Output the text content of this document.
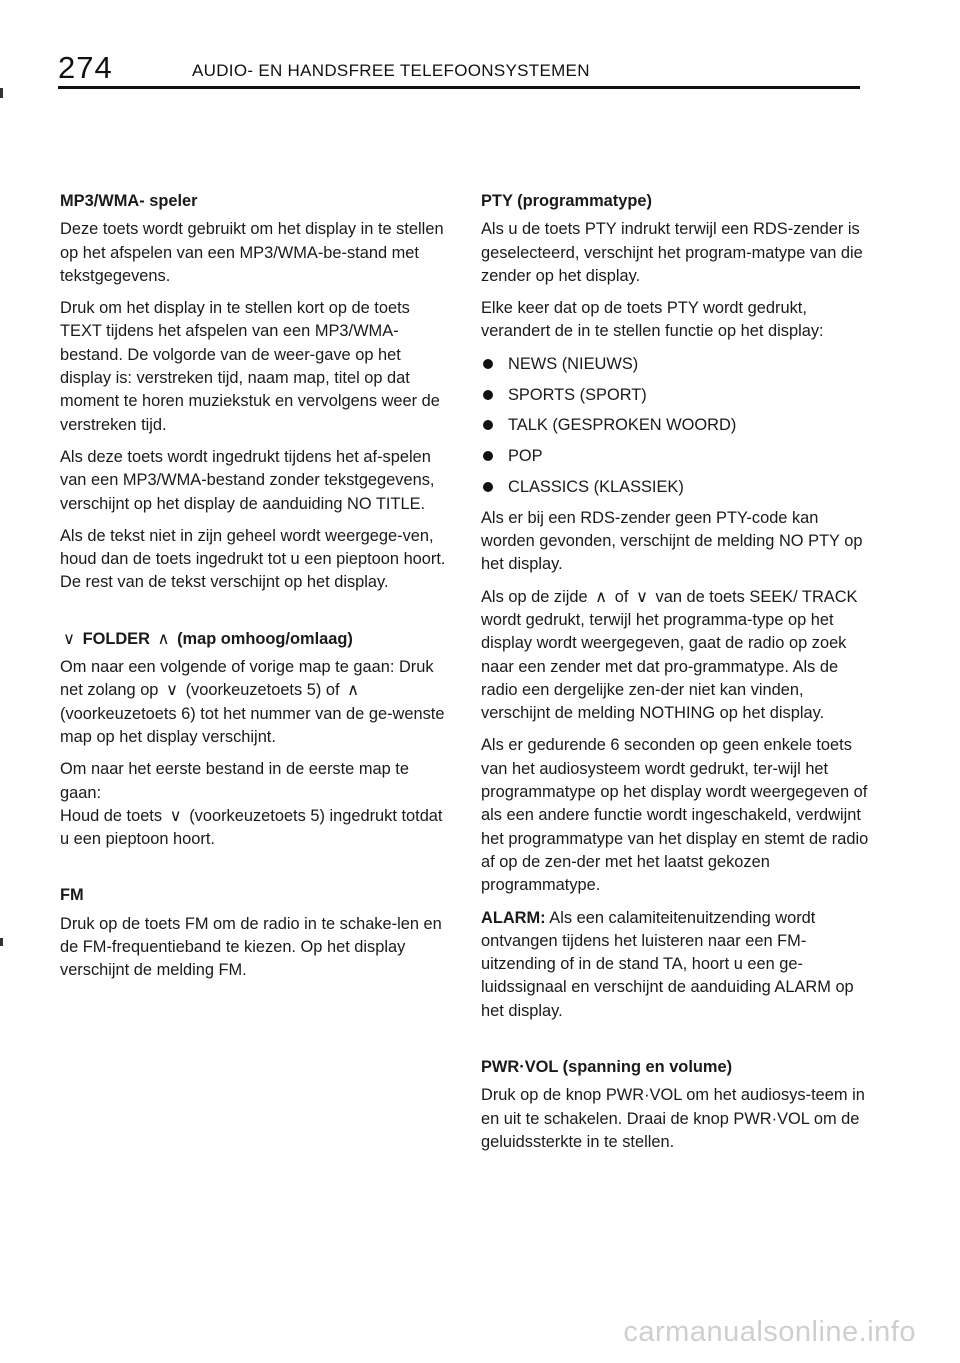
274	AUDIO- EN HANDSFREE TELEFOONSYSTEMEN
MP3/WMA- speler

Deze toets wordt gebruikt om het display in te stellen op het afspelen van een MP3/WMA-be-stand met tekstgegevens.

Druk om het display in te stellen kort op de toets TEXT tijdens het afspelen van een MP3/WMA-bestand. De volgorde van de weer-gave op het display is: verstreken tijd, naam map, titel op dat moment te horen muziekstuk en vervolgens weer de verstreken tijd.

Als deze toets wordt ingedrukt tijdens het af-spelen van een MP3/WMA-bestand zonder tekstgegevens, verschijnt op het display de aanduiding NO TITLE.

Als de tekst niet in zijn geheel wordt weergege-ven, houd dan de toets ingedrukt tot u een pieptoon hoort. De rest van de tekst verschijnt op het display.

∨ FOLDER ∧ (map omhoog/omlaag)

Om naar een volgende of vorige map te gaan: Druk net zolang op ∨ (voorkeuzetoets 5) of ∧ (voorkeuzetoets 6) tot het nummer van de ge-wenste map op het display verschijnt.

Om naar het eerste bestand in de eerste map te gaan:
Houd de toets ∨ (voorkeuzetoets 5) ingedrukt totdat u een pieptoon hoort.

FM

Druk op de toets FM om de radio in te schake-len en de FM-frequentieband te kiezen. Op het display verschijnt de melding FM.

PTY (programmatype)

Als u de toets PTY indrukt terwijl een RDS-zender is geselecteerd, verschijnt het program-matype van die zender op het display.

Elke keer dat op de toets PTY wordt gedrukt, verandert de in te stellen functie op het display:

NEWS (NIEUWS)
SPORTS (SPORT)
TALK (GESPROKEN WOORD)
POP
CLASSICS (KLASSIEK)

Als er bij een RDS-zender geen PTY-code kan worden gevonden, verschijnt de melding NO PTY op het display.

Als op de zijde ∧ of ∨ van de toets SEEK/ TRACK wordt gedrukt, terwijl het programma-type op het display wordt weergegeven, gaat de radio op zoek naar een zender met dat pro-grammatype. Als de radio een dergelijke zen-der niet kan vinden, verschijnt de melding NOTHING op het display.

Als er gedurende 6 seconden op geen enkele toets van het audiosysteem wordt gedrukt, ter-wijl het programmatype op het display wordt weergegeven of als een andere functie wordt ingeschakeld, verdwijnt het programmatype van het display en stemt de radio af op de zen-der met het laatst gekozen programmatype.

ALARM: Als een calamiteitenuitzending wordt ontvangen tijdens het luisteren naar een FM-uitzending of in de stand TA, hoort u een ge-luidssignaal en verschijnt de aanduiding ALARM op het display.

PWR·VOL (spanning en volume)

Druk op de knop PWR·VOL om het audiosys-teem in en uit te schakelen. Draai de knop PWR·VOL om de geluidssterkte in te stellen.

carmanualsonline.info
